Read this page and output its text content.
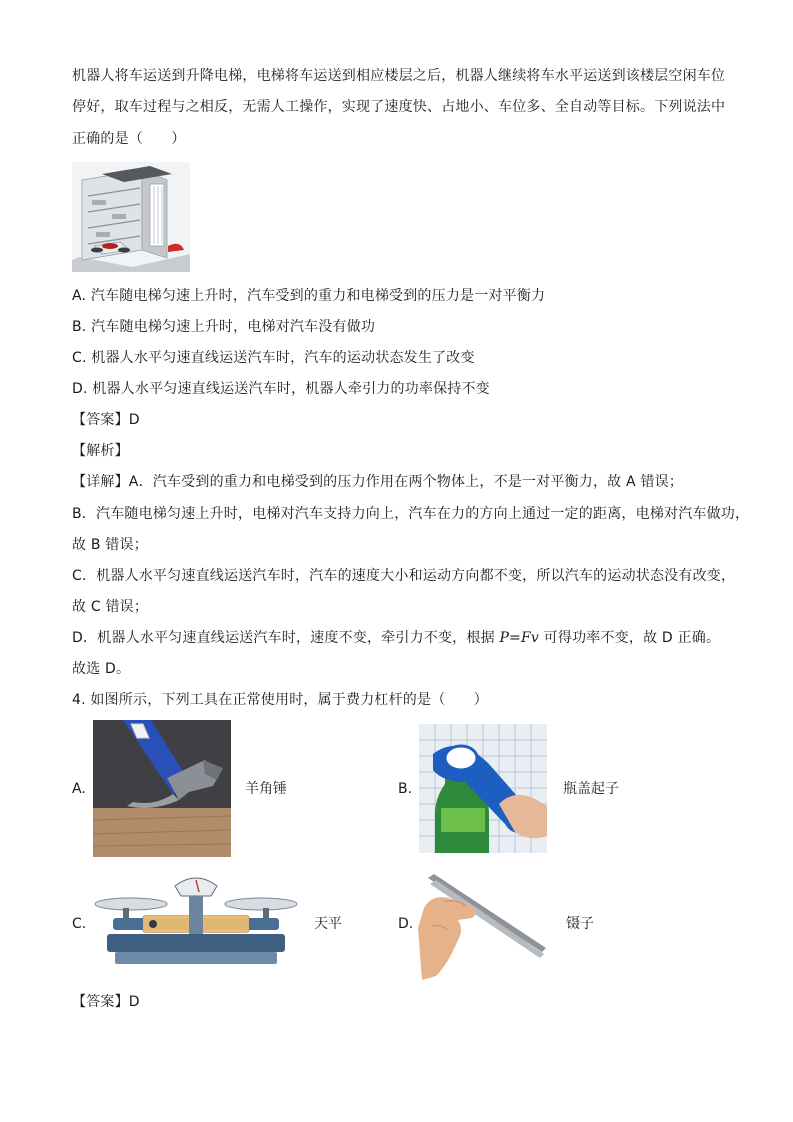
机器人将车运送到升降电梯，电梯将车运送到相应楼层之后，机器人继续将车水平运送到该楼层空闲车位
停好，取车过程与之相反，无需人工操作，实现了速度快、占地小、车位多、全自动等目标。下列说法中
正确的是（　　）
A. 汽车随电梯匀速上升时，汽车受到的重力和电梯受到的压力是一对平衡力
B. 汽车随电梯匀速上升时，电梯对汽车没有做功
C. 机器人水平匀速直线运送汽车时，汽车的运动状态发生了改变
D. 机器人水平匀速直线运送汽车时，机器人牵引力的功率保持不变
【答案】D
【解析】
【详解】A．汽车受到的重力和电梯受到的压力作用在两个物体上，不是一对平衡力，故 A 错误；
B．汽车随电梯匀速上升时，电梯对汽车支持力向上，汽车在力的方向上通过一定的距离，电梯对汽车做功，
故 B 错误；
C．机器人水平匀速直线运送汽车时，汽车的速度大小和运动方向都不变，所以汽车的运动状态没有改变，
故 C 错误；
D．机器人水平匀速直线运送汽车时，速度不变，牵引力不变，根据 P=Fv 可得功率不变，故 D 正确。
故选 D。
4. 如图所示，下列工具在正常使用时，属于费力杠杆的是（　　）
A.	羊角锤	B.	瓶盖起子
C.	天平	D.	镊子
【答案】D
